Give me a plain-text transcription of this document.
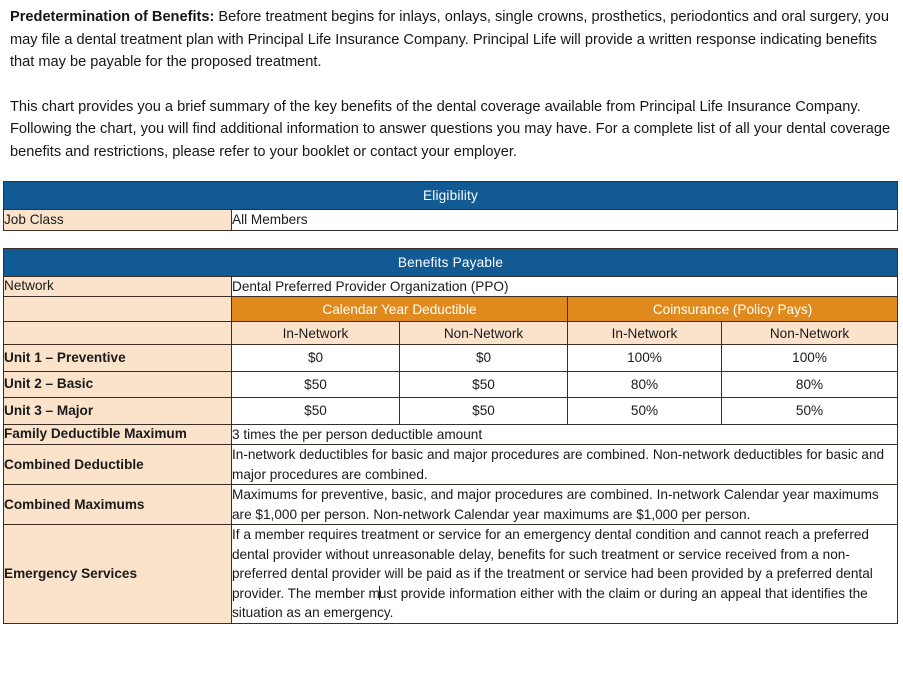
Predetermination of Benefits: Before treatment begins for inlays, onlays, single crowns, prosthetics, periodontics and oral surgery, you may file a dental treatment plan with Principal Life Insurance Company. Principal Life will provide a written response indicating benefits that may be payable for the proposed treatment.

This chart provides you a brief summary of the key benefits of the dental coverage available from Principal Life Insurance Company. Following the chart, you will find additional information to answer questions you may have. For a complete list of all your dental coverage benefits and restrictions, please refer to your booklet or contact your employer.

Eligibility
Job Class	All Members
Benefits Payable				
Network	Dental Preferred Provider Organization (PPO)			
	Calendar Year Deductible		Coinsurance (Policy Pays)	
	In-Network	Non-Network	In-Network	Non-Network
Unit 1 – Preventive	$0	$0	100%	100%
Unit 2 – Basic	$50	$50	80%	80%
Unit 3 – Major	$50	$50	50%	50%
Family Deductible Maximum	3 times the per person deductible amount			
Combined Deductible	In-network deductibles for basic and major procedures are combined. Non-network deductibles for basic and major procedures are combined.			
Combined Maximums	Maximums for preventive, basic, and major procedures are combined. In-network Calendar year maximums are $1,000 per person. Non-network Calendar year maximums are $1,000 per person.			
Emergency Services	If a member requires treatment or service for an emergency dental condition and cannot reach a preferred dental provider without unreasonable delay, benefits for such treatment or service received from a non-preferred dental provider will be paid as if the treatment or service had been provided by a preferred dental provider. The member must provide information either with the claim or during an appeal that identifies the situation as an emergency.			
